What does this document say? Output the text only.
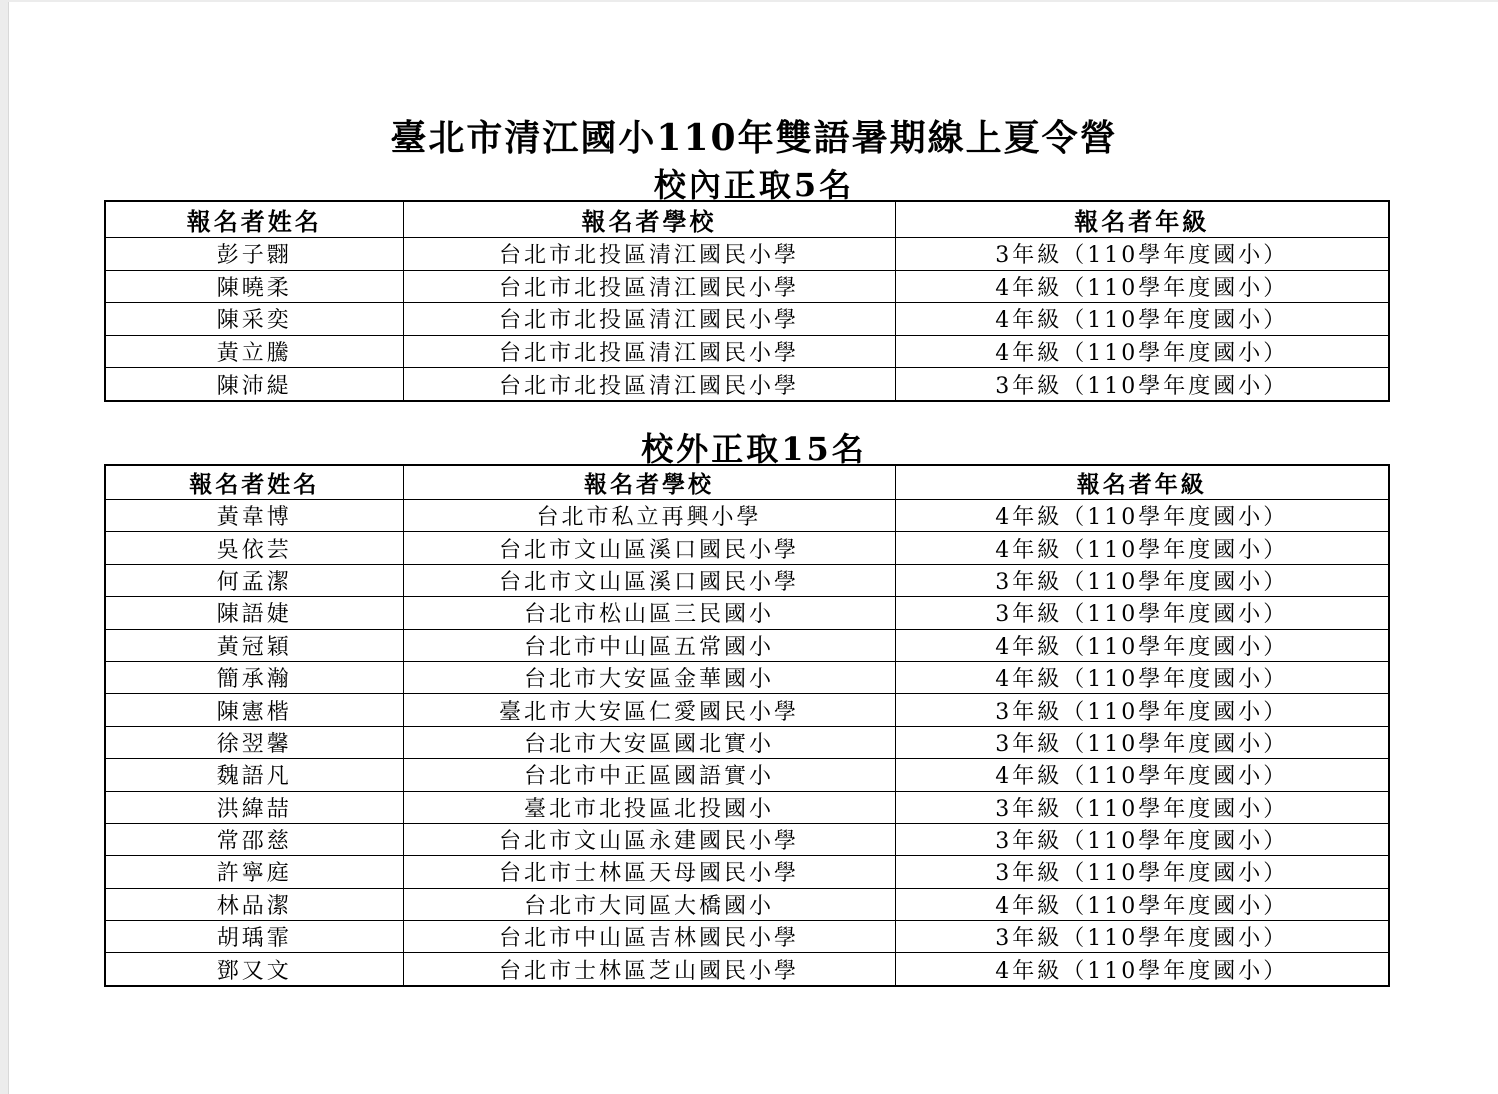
臺北市清江國小110年雙語暑期線上夏令營
校內正取5名
報名者姓名	報名者學校	報名者年級
彭子翾	台北市北投區清江國民小學	3年級（110學年度國小）
陳曉柔	台北市北投區清江國民小學	4年級（110學年度國小）
陳采奕	台北市北投區清江國民小學	4年級（110學年度國小）
黃立騰	台北市北投區清江國民小學	4年級（110學年度國小）
陳沛緹	台北市北投區清江國民小學	3年級（110學年度國小）
校外正取15名
報名者姓名	報名者學校	報名者年級
黃韋博	台北市私立再興小學	4年級（110學年度國小）
吳依芸	台北市文山區溪口國民小學	4年級（110學年度國小）
何孟潔	台北市文山區溪口國民小學	3年級（110學年度國小）
陳語婕	台北市松山區三民國小	3年級（110學年度國小）
黃冠穎	台北市中山區五常國小	4年級（110學年度國小）
簡承瀚	台北市大安區金華國小	4年級（110學年度國小）
陳憲楷	臺北市大安區仁愛國民小學	3年級（110學年度國小）
徐翌馨	台北市大安區國北實小	3年級（110學年度國小）
魏語凡	台北市中正區國語實小	4年級（110學年度國小）
洪緯喆	臺北市北投區北投國小	3年級（110學年度國小）
常邵慈	台北市文山區永建國民小學	3年級（110學年度國小）
許寧庭	台北市士林區天母國民小學	3年級（110學年度國小）
林品潔	台北市大同區大橋國小	4年級（110學年度國小）
胡瑀霏	台北市中山區吉林國民小學	3年級（110學年度國小）
鄧又文	台北市士林區芝山國民小學	4年級（110學年度國小）
